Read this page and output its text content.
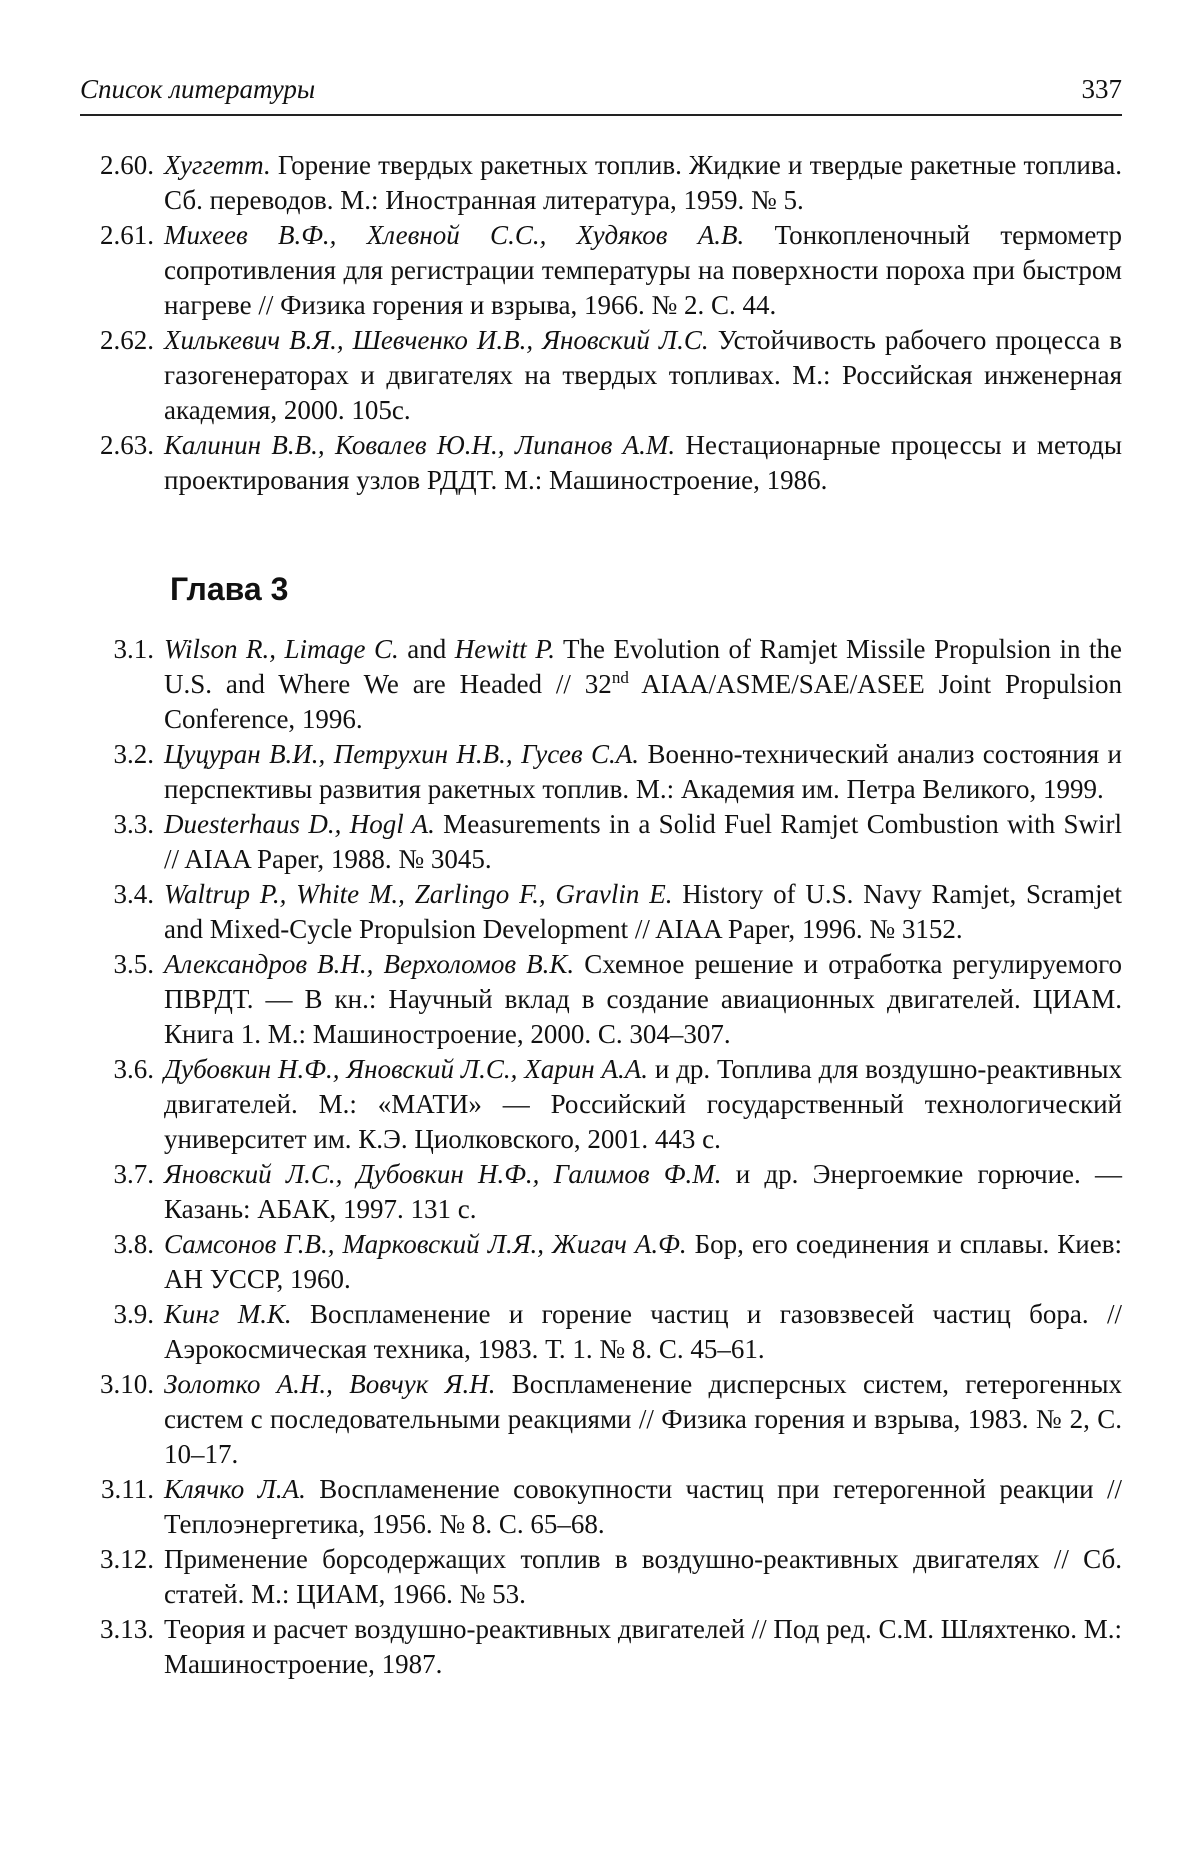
Список литературы	337
2.60. Хуггетт. Горение твердых ракетных топлив. Жидкие и твердые ракетные топлива. Сб. переводов. М.: Иностранная литература, 1959. № 5.
2.61. Михеев В.Ф., Хлевной С.С., Худяков А.В. Тонкопленочный термометр сопротивления для регистрации температуры на поверхности пороха при быстром нагреве // Физика горения и взрыва, 1966. № 2. С. 44.
2.62. Хилькевич В.Я., Шевченко И.В., Яновский Л.С. Устойчивость рабочего процесса в газогенераторах и двигателях на твердых топливах. М.: Российская инженерная академия, 2000. 105с.
2.63. Калинин В.В., Ковалев Ю.Н., Липанов А.М. Нестационарные процессы и методы проектирования узлов РДДТ. М.: Машиностроение, 1986.
Глава 3
3.1. Wilson R., Limage C. and Hewitt P. The Evolution of Ramjet Missile Propulsion in the U.S. and Where We are Headed // 32nd AIAA/ASME/SAE/ASEE Joint Propulsion Conference, 1996.
3.2. Цуцуран В.И., Петрухин Н.В., Гусев С.А. Военно-технический анализ состояния и перспективы развития ракетных топлив. М.: Академия им. Петра Великого, 1999.
3.3. Duesterhaus D., Hogl A. Measurements in a Solid Fuel Ramjet Combustion with Swirl // AIAA Paper, 1988. № 3045.
3.4. Waltrup P., White M., Zarlingo F., Gravlin E. History of U.S. Navy Ramjet, Scramjet and Mixed-Cycle Propulsion Development // AIAA Paper, 1996. № 3152.
3.5. Александров В.Н., Верхоломов В.К. Схемное решение и отработка регулируемого ПВРДТ. — В кн.: Научный вклад в создание авиационных двигателей. ЦИАМ. Книга 1. М.: Машиностроение, 2000. С. 304–307.
3.6. Дубовкин Н.Ф., Яновский Л.С., Харин А.А. и др. Топлива для воздушно-реактивных двигателей. М.: «МАТИ» — Российский государственный технологический университет им. К.Э. Циолковского, 2001. 443 с.
3.7. Яновский Л.С., Дубовкин Н.Ф., Галимов Ф.М. и др. Энергоемкие горючие. — Казань: АБАК, 1997. 131 с.
3.8. Самсонов Г.В., Марковский Л.Я., Жигач А.Ф. Бор, его соединения и сплавы. Киев: АН УССР, 1960.
3.9. Кинг М.К. Воспламенение и горение частиц и газовзвесей частиц бора. // Аэрокосмическая техника, 1983. Т. 1. № 8. С. 45–61.
3.10. Золотко А.Н., Вовчук Я.Н. Воспламенение дисперсных систем, гетерогенных систем с последовательными реакциями // Физика горения и взрыва, 1983. № 2, С. 10–17.
3.11. Клячко Л.А. Воспламенение совокупности частиц при гетерогенной реакции // Теплоэнергетика, 1956. № 8. С. 65–68.
3.12. Применение борсодержащих топлив в воздушно-реактивных двигателях // Сб. статей. М.: ЦИАМ, 1966. № 53.
3.13. Теория и расчет воздушно-реактивных двигателей // Под ред. С.М. Шляхтенко. М.: Машиностроение, 1987.
